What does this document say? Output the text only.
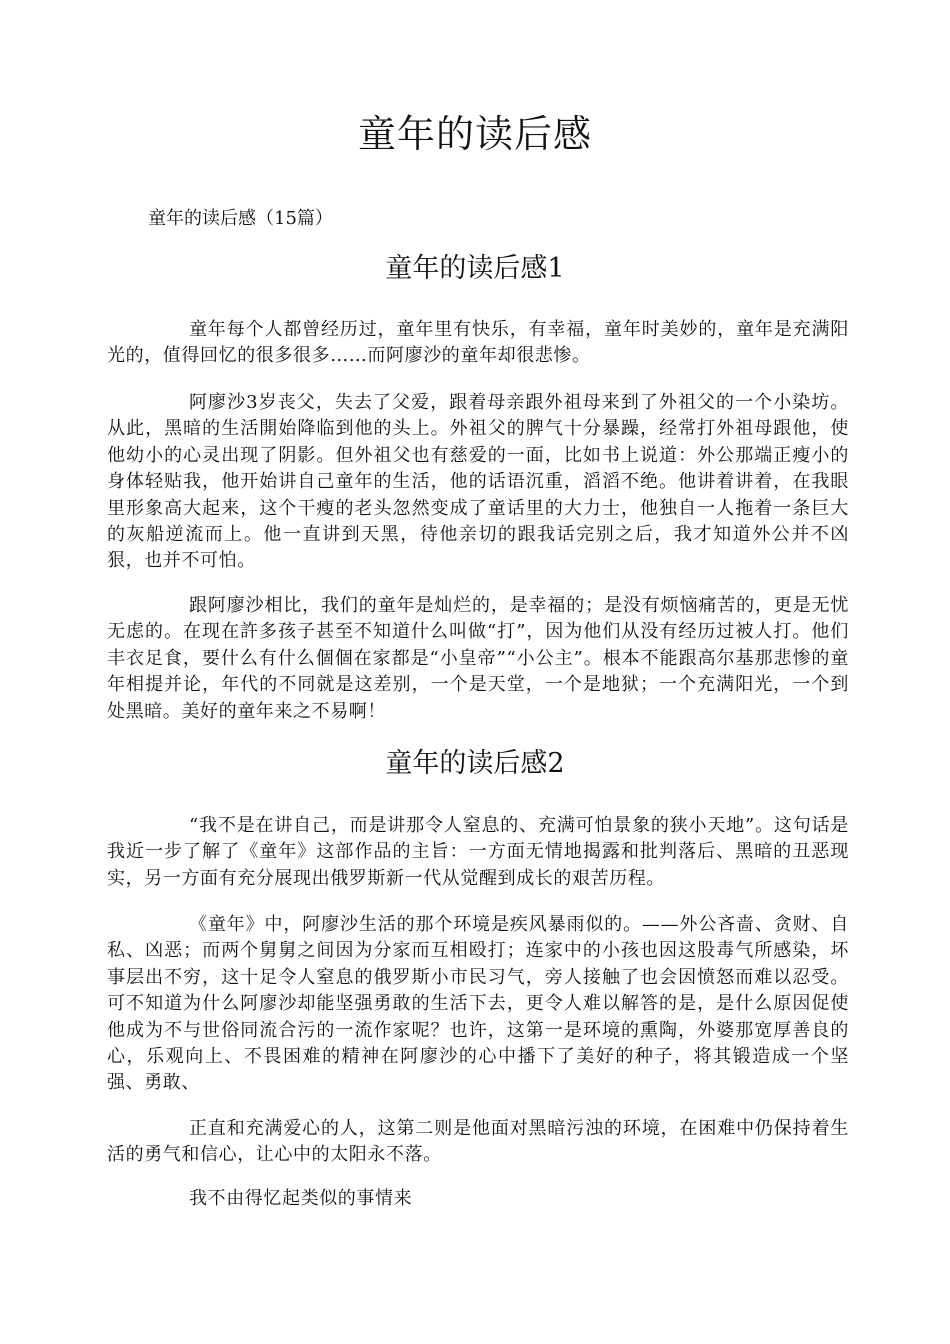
童年的读后感

童年的读后感（15篇）

童年的读后感1

童年每个人都曾经历过，童年里有快乐，有幸福，童年时美妙的，童年是充满阳光的，值得回忆的很多很多……而阿廖沙的童年却很悲惨。

阿廖沙3岁丧父，失去了父爱，跟着母亲跟外祖母来到了外祖父的一个小染坊。从此，黑暗的生活開始降临到他的头上。外祖父的脾气十分暴躁，经常打外祖母跟他，使他幼小的心灵出现了阴影。但外祖父也有慈爱的一面，比如书上说道：外公那端正瘦小的身体轻贴我，他开始讲自己童年的生活，他的话语沉重，滔滔不绝。他讲着讲着，在我眼里形象高大起来，这个干瘦的老头忽然变成了童话里的大力士，他独自一人拖着一条巨大的灰船逆流而上。他一直讲到天黑，待他亲切的跟我话完别之后，我才知道外公并不凶狠，也并不可怕。

跟阿廖沙相比，我们的童年是灿烂的，是幸福的；是没有烦恼痛苦的，更是无忧无虑的。在现在許多孩子甚至不知道什么叫做“打”，因为他们从没有经历过被人打。他们丰衣足食，要什么有什么個個在家都是“小皇帝”“小公主”。根本不能跟高尔基那悲惨的童年相提并论，年代的不同就是这差别，一个是天堂，一个是地狱；一个充满阳光，一个到处黑暗。美好的童年来之不易啊！

童年的读后感2

“我不是在讲自己，而是讲那令人窒息的、充满可怕景象的狭小天地”。这句话是我近一步了解了《童年》这部作品的主旨：一方面无情地揭露和批判落后、黑暗的丑恶现实，另一方面有充分展现出俄罗斯新一代从觉醒到成长的艰苦历程。

《童年》中，阿廖沙生活的那个环境是疾风暴雨似的。——外公吝啬、贪财、自私、凶恶；而两个舅舅之间因为分家而互相殴打；连家中的小孩也因这股毒气所感染，坏事层出不穷，这十足令人窒息的俄罗斯小市民习气，旁人接触了也会因愤怒而难以忍受。可不知道为什么阿廖沙却能坚强勇敢的生活下去，更令人难以解答的是，是什么原因促使他成为不与世俗同流合污的一流作家呢？也许，这第一是环境的熏陶，外婆那宽厚善良的心，乐观向上、不畏困难的精神在阿廖沙的心中播下了美好的种子，将其锻造成一个坚强、勇敢、

正直和充满爱心的人，这第二则是他面对黑暗污浊的环境，在困难中仍保持着生活的勇气和信心，让心中的太阳永不落。

我不由得忆起类似的事情来
